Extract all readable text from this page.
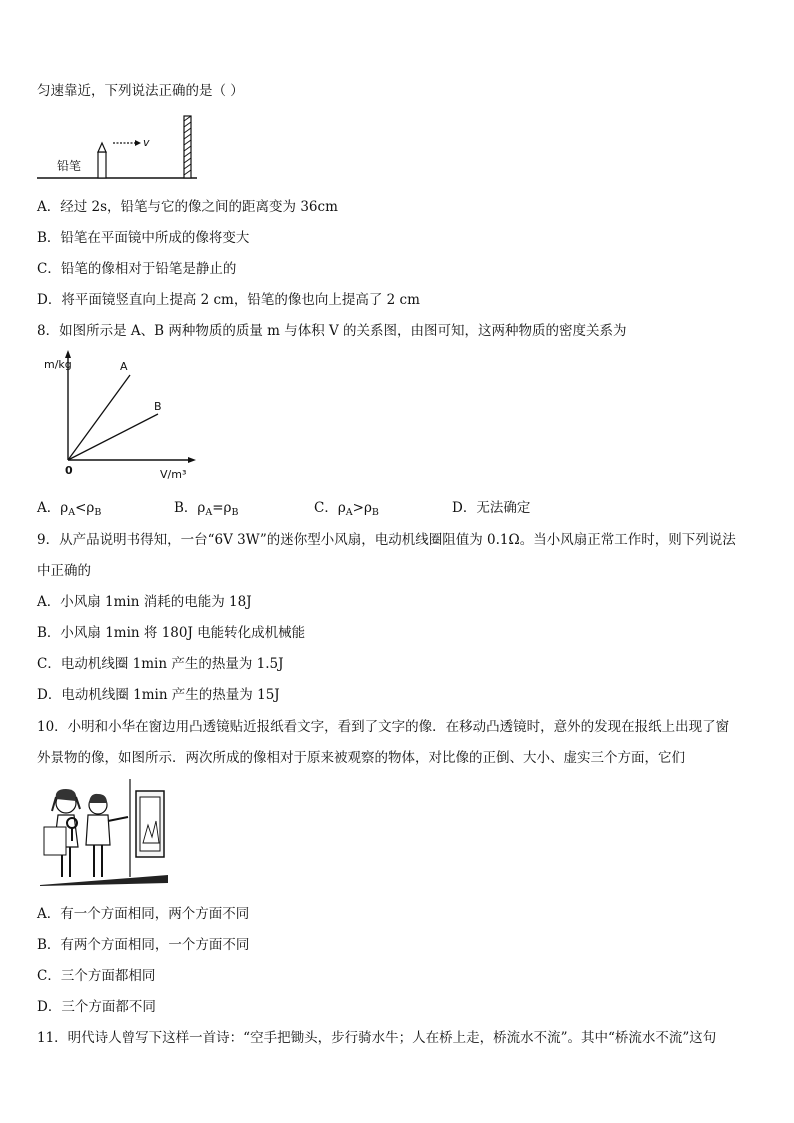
匀速靠近，下列说法正确的是（ ）
铅笔
v
A．经过 2s，铅笔与它的像之间的距离变为 36cm
B．铅笔在平面镜中所成的像将变大
C．铅笔的像相对于铅笔是静止的
D．将平面镜竖直向上提高 2 cm，铅笔的像也向上提高了 2 cm
8．如图所示是 A、B 两种物质的质量 m 与体积 V 的关系图，由图可知，这两种物质的密度关系为
m/kg
V/m³
0
A
B
A．$\rho_A<\rho_B$	B．$\rho_A=\rho_B$	C．$\rho_A>\rho_B$	D．无法确定
9．从产品说明书得知，一台“6V 3W”的迷你型小风扇，电动机线圈阻值为 0.1Ω。当小风扇正常工作时，则下列说法
中正确的
A．小风扇 1min 消耗的电能为 18J
B．小风扇 1min 将 180J 电能转化成机械能
C．电动机线圈 1min 产生的热量为 1.5J
D．电动机线圈 1min 产生的热量为 15J
10．小明和小华在窗边用凸透镜贴近报纸看文字，看到了文字的像．在移动凸透镜时，意外的发现在报纸上出现了窗
外景物的像，如图所示．两次所成的像相对于原来被观察的物体，对比像的正倒、大小、虚实三个方面，它们
A．有一个方面相同，两个方面不同
B．有两个方面相同，一个方面不同
C．三个方面都相同
D．三个方面都不同
11．明代诗人曾写下这样一首诗：“空手把锄头，步行骑水牛；人在桥上走，桥流水不流”。其中“桥流水不流”这句
